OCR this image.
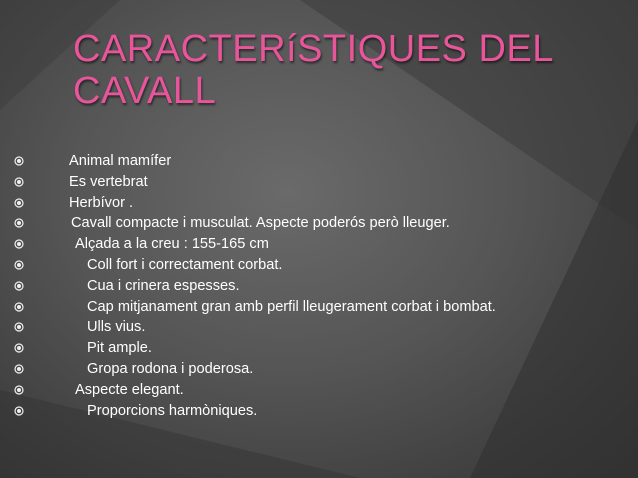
CARACTERíSTIQUES DEL
CAVALL
Animal mamífer
Es vertebrat
Herbívor .
Cavall compacte i musculat. Aspecte poderós però lleuger.
Alçada a la creu : 155-165 cm
Coll fort i correctament corbat.
Cua i crinera espesses.
Cap mitjanament gran amb perfil lleugerament corbat i bombat.
Ulls vius.
Pit ample.
Gropa rodona i poderosa.
Aspecte elegant.
Proporcions harmòniques.
